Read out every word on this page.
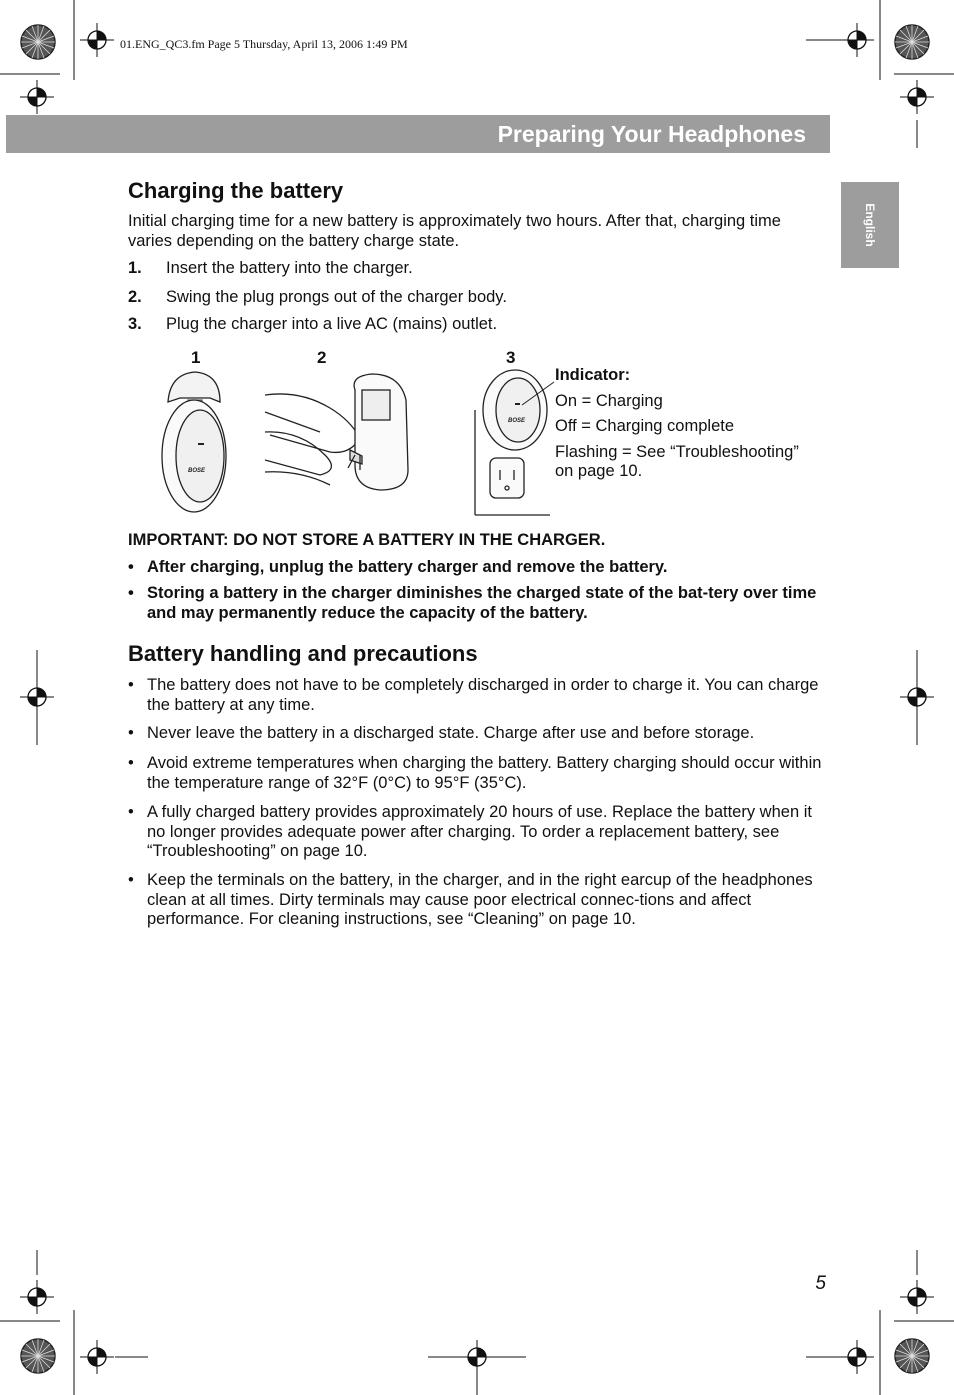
01.ENG_QC3.fm Page 5 Thursday, April 13, 2006 1:49 PM
Preparing Your Headphones
English
Charging the battery
Initial charging time for a new battery is approximately two hours. After that, charging time varies depending on the battery charge state.
1. Insert the battery into the charger.
2. Swing the plug prongs out of the charger body.
3. Plug the charger into a live AC (mains) outlet.
1	2	3
BOSE
BOSE
Indicator:
On = Charging
Off = Charging complete
Flashing = See “Troubleshooting”
on page 10.
IMPORTANT: DO NOT STORE A BATTERY IN THE CHARGER.
• After charging, unplug the battery charger and remove the battery.
• Storing a battery in the charger diminishes the charged state of the bat-tery over time and may permanently reduce the capacity of the battery.
Battery handling and precautions
• The battery does not have to be completely discharged in order to charge it. You can charge the battery at any time.
• Never leave the battery in a discharged state. Charge after use and before storage.
• Avoid extreme temperatures when charging the battery. Battery charging should occur within the temperature range of 32°F (0°C) to 95°F (35°C).
• A fully charged battery provides approximately 20 hours of use. Replace the battery when it no longer provides adequate power after charging. To order a replacement battery, see “Troubleshooting” on page 10.
• Keep the terminals on the battery, in the charger, and in the right earcup of the headphones clean at all times. Dirty terminals may cause poor electrical connec-tions and affect performance. For cleaning instructions, see “Cleaning” on page 10.
5
